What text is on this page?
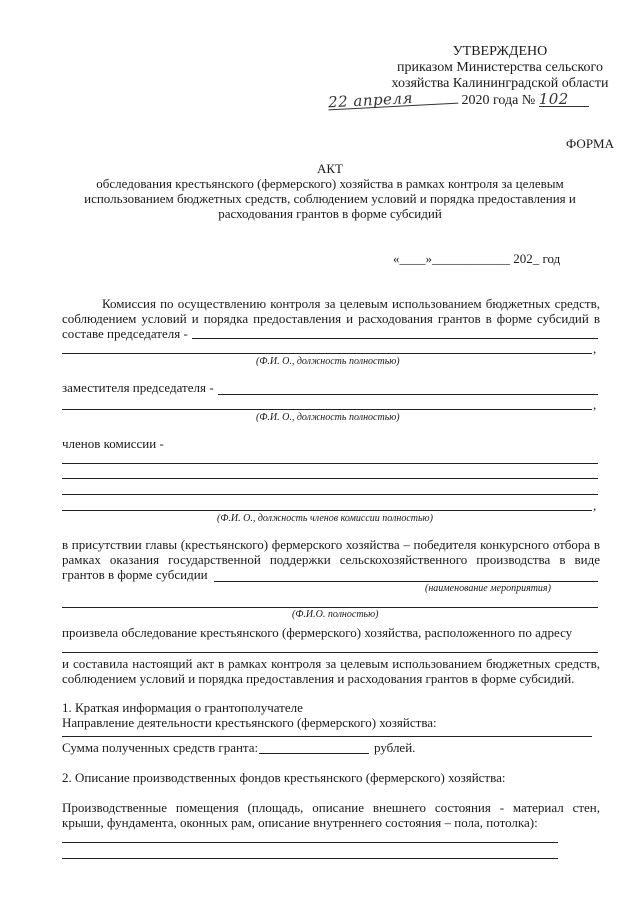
УТВЕРЖДЕНО
приказом Министерства сельского
хозяйства Калининградской области
22 апреля	2020 года № 102
ФОРМА
АКТ
обследования крестьянского (фермерского) хозяйства в рамках контроля за целевым
использованием бюджетных средств, соблюдением условий и порядка предоставления и
расходования грантов в форме субсидий
«____»____________ 202_ год
Комиссия по осуществлению контроля за целевым использованием бюджетных средств, соблюдением условий и порядка предоставления и расходования грантов в форме субсидий в составе председателя -
,
(Ф.И. О., должность полностью)
заместителя председателя -
,
(Ф.И. О., должность полностью)
членов комиссии -
,
(Ф.И. О., должность членов комиссии полностью)
в присутствии главы (крестьянского) фермерского хозяйства – победителя конкурсного отбора в рамках оказания государственной поддержки сельскохозяйственного производства в виде грантов в форме субсидии
(наименование мероприятия)
(Ф.И.О. полностью)
произвела обследование крестьянского (фермерского) хозяйства, расположенного по адресу
и составила настоящий акт в рамках контроля за целевым использованием бюджетных средств, соблюдением условий и порядка предоставления и расходования грантов в форме субсидий.
1. Краткая информация о грантополучателе
Направление деятельности крестьянского (фермерского) хозяйства:
Сумма полученных средств гранта:	рублей.
2. Описание производственных фондов крестьянского (фермерского) хозяйства:
Производственные помещения (площадь, описание внешнего состояния - материал стен, крыши, фундамента, оконных рам, описание внутреннего состояния – пола, потолка):
